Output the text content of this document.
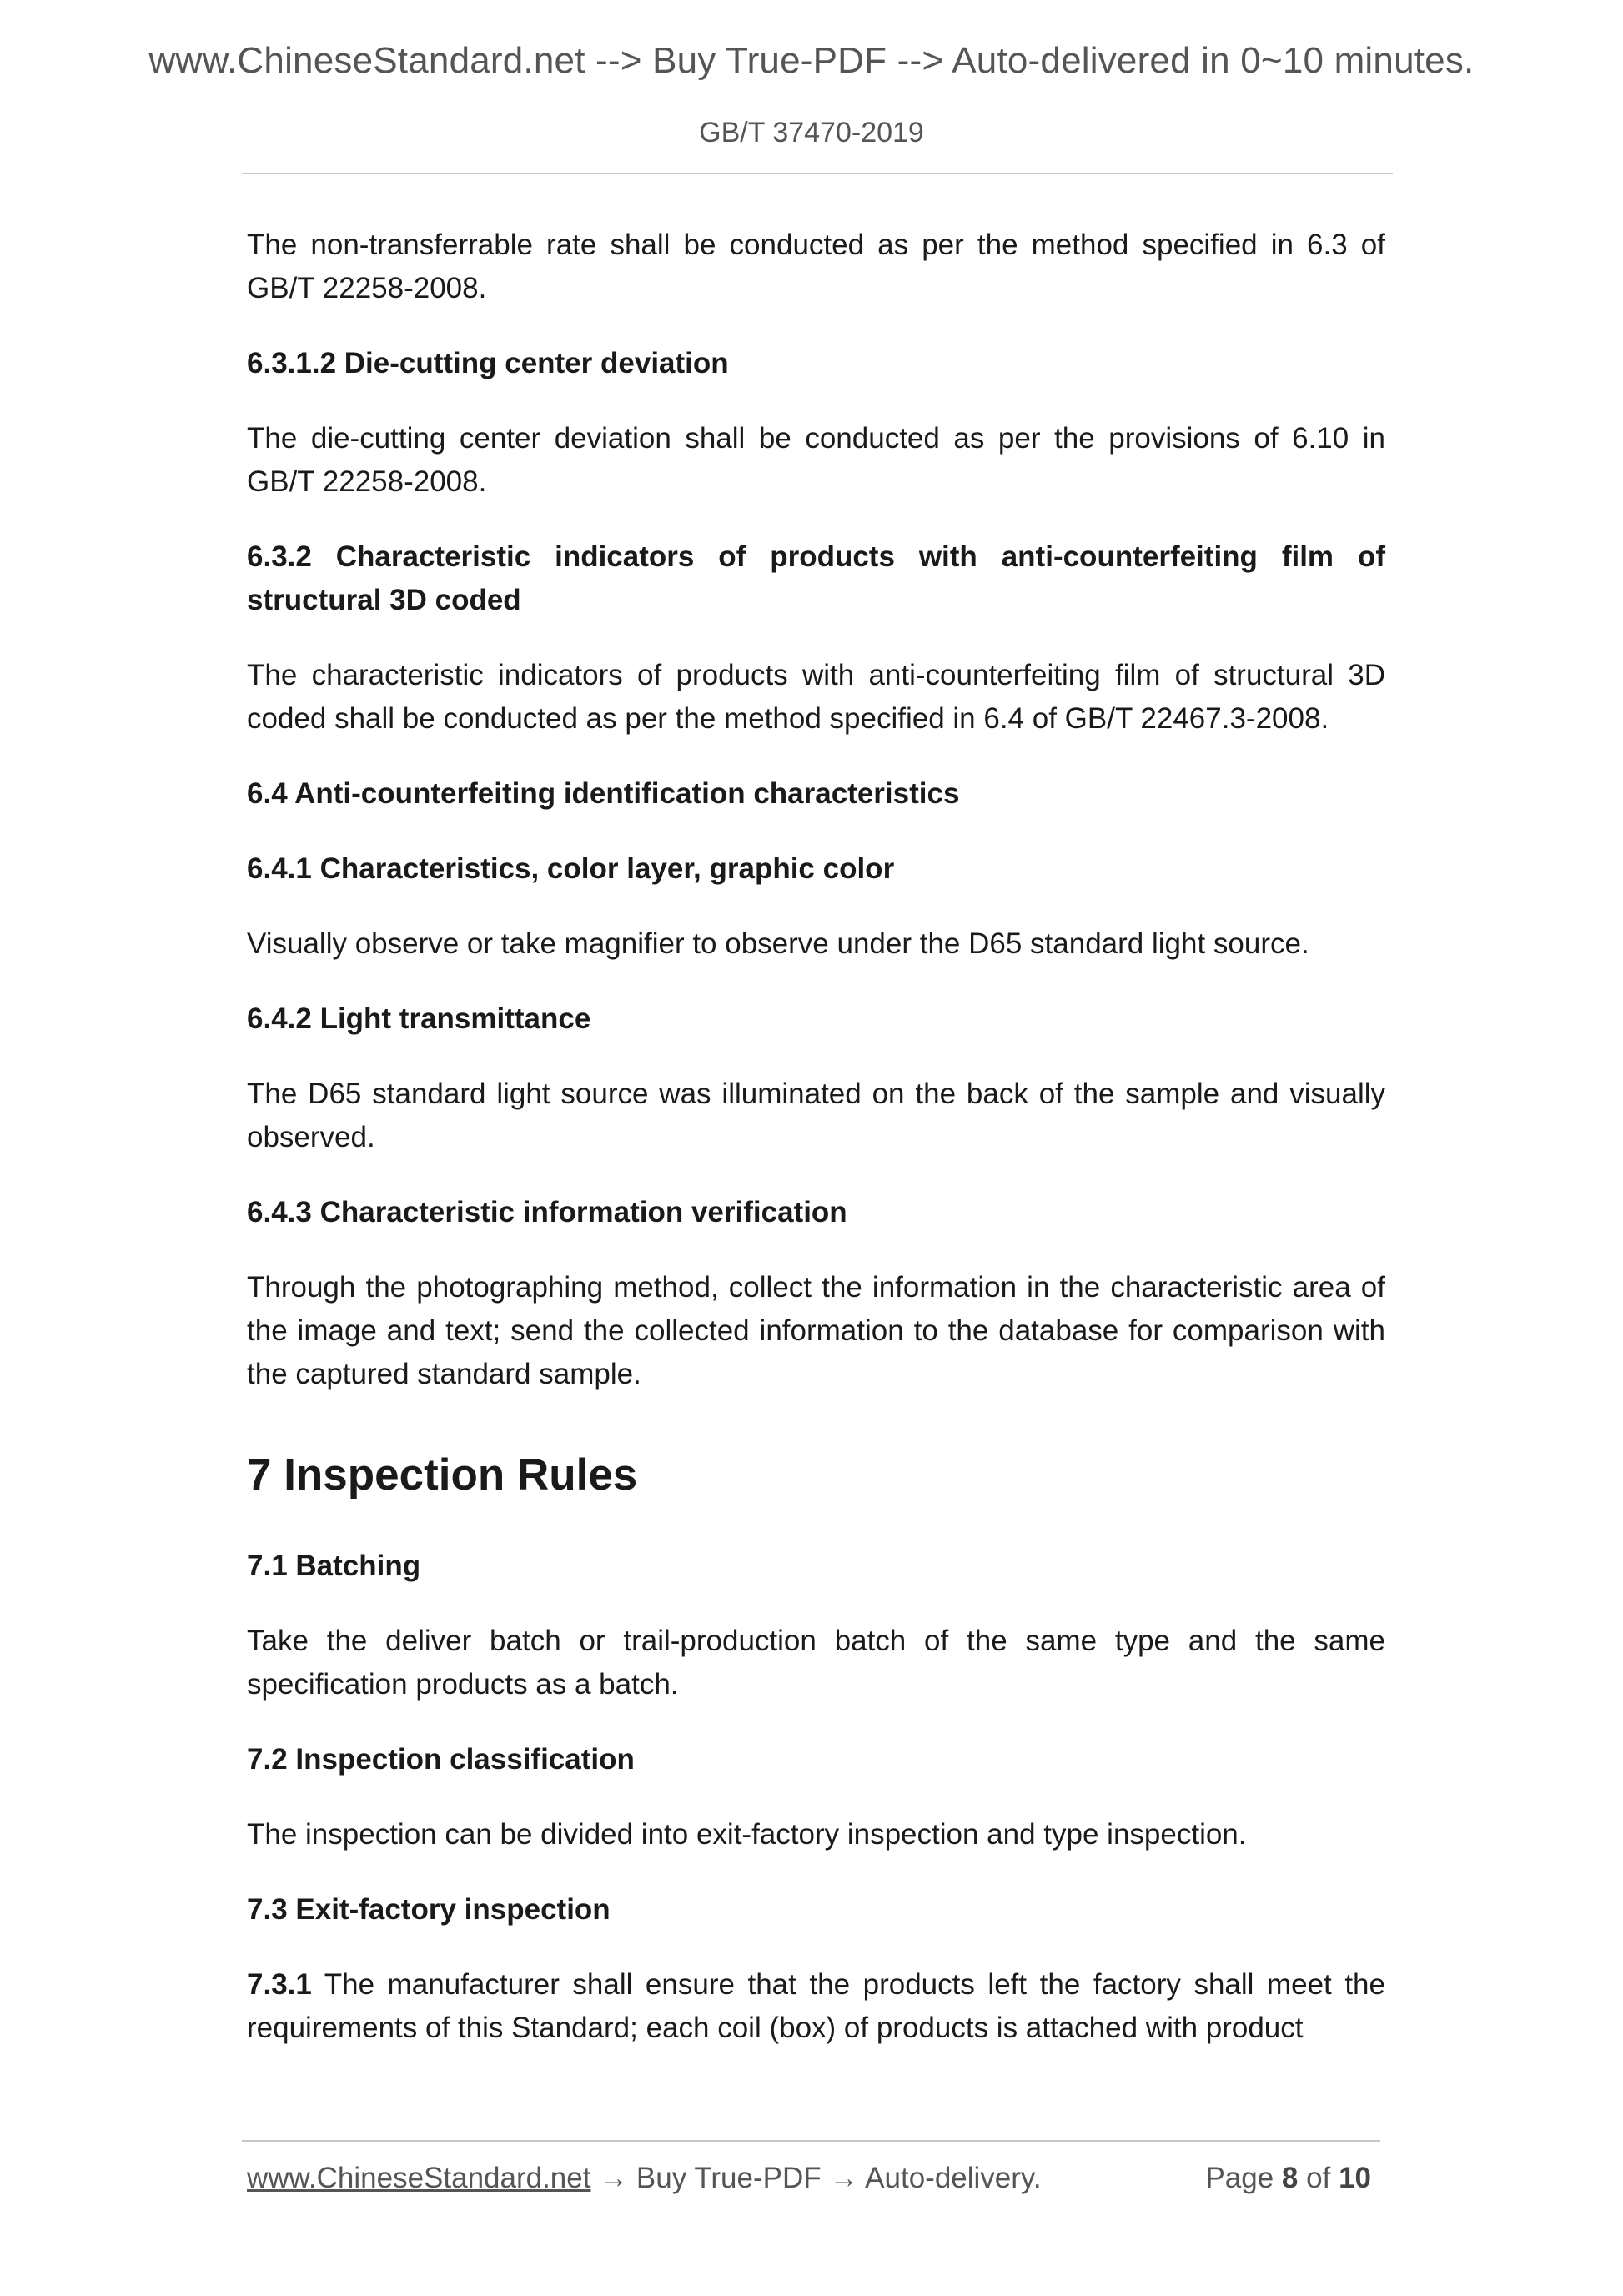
www.ChineseStandard.net --> Buy True-PDF --> Auto-delivered in 0~10 minutes.
GB/T 37470-2019

The non-transferrable rate shall be conducted as per the method specified in 6.3 of GB/T 22258-2008.

6.3.1.2 Die-cutting center deviation

The die-cutting center deviation shall be conducted as per the provisions of 6.10 in GB/T 22258-2008.

6.3.2 Characteristic indicators of products with anti-counterfeiting film of structural 3D coded

The characteristic indicators of products with anti-counterfeiting film of structural 3D coded shall be conducted as per the method specified in 6.4 of GB/T 22467.3-2008.

6.4 Anti-counterfeiting identification characteristics

6.4.1 Characteristics, color layer, graphic color

Visually observe or take magnifier to observe under the D65 standard light source.

6.4.2 Light transmittance

The D65 standard light source was illuminated on the back of the sample and visually observed.

6.4.3 Characteristic information verification

Through the photographing method, collect the information in the characteristic area of the image and text; send the collected information to the database for comparison with the captured standard sample.

7 Inspection Rules

7.1 Batching

Take the deliver batch or trail-production batch of the same type and the same specification products as a batch.

7.2 Inspection classification

The inspection can be divided into exit-factory inspection and type inspection.

7.3 Exit-factory inspection

7.3.1 The manufacturer shall ensure that the products left the factory shall meet the requirements of this Standard; each coil (box) of products is attached with product

www.ChineseStandard.net → Buy True-PDF → Auto-delivery.	Page 8 of 10
